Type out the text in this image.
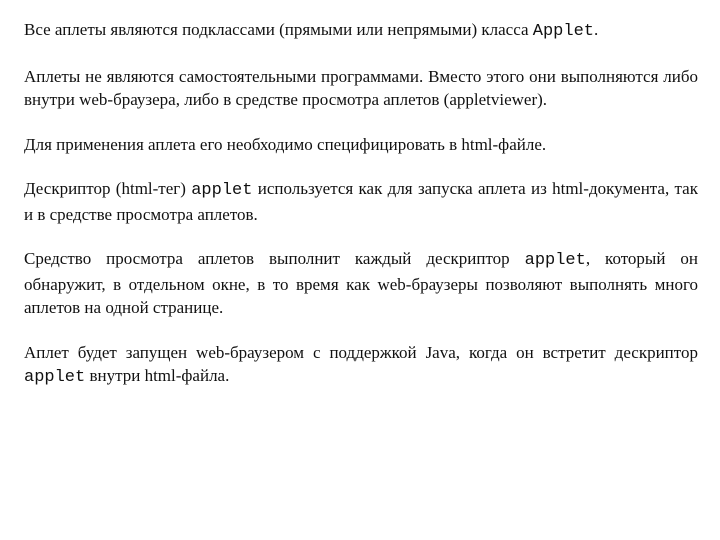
Все аплеты являются подклассами (прямыми или непрямыми) класса Applet.

Аплеты не являются самостоятельными программами. Вместо этого они выполняются либо внутри web-браузера, либо в средстве просмотра аплетов (appletviewer).

Для применения аплета его необходимо специфицировать в html-файле.

Дескриптор (html-тег) applet используется как для запуска аплета из html-документа, так и в средстве просмотра аплетов.

Средство просмотра аплетов выполнит каждый дескриптор applet, который он обнаружит, в отдельном окне, в то время как web-браузеры позволяют выполнять много аплетов на одной странице.

Аплет будет запущен web-браузером с поддержкой Java, когда он встретит дескриптор applet внутри html-файла.
